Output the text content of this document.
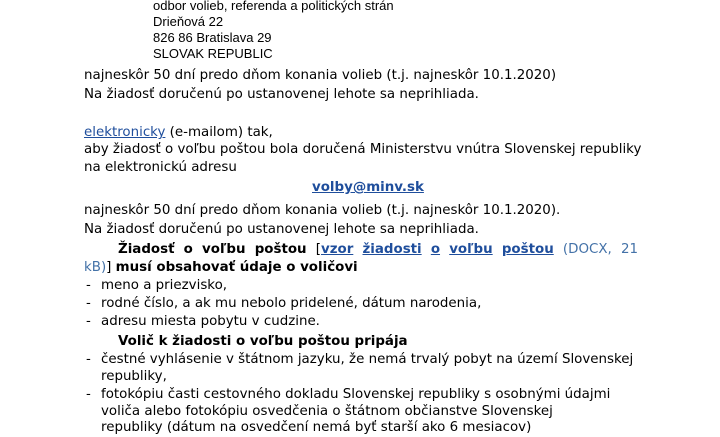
odbor volieb, referenda a politických strán
Drieňová 22
826 86 Bratislava 29
SLOVAK REPUBLIC
najneskôr 50 dní predo dňom konania volieb (t.j. najneskôr 10.1.2020)
Na žiadosť doručenú po ustanovenej lehote sa neprihliada.
elektronicky (e-mailom) tak,
aby žiadosť o voľbu poštou bola doručená Ministerstvu vnútra Slovenskej republiky
na elektronickú adresu
volby@minv.sk
najneskôr 50 dní predo dňom konania volieb (t.j. najneskôr 10.1.2020).
Na žiadosť doručenú po ustanovenej lehote sa neprihliada.
Žiadosť o voľbu poštou [vzor žiadosti o voľbu poštou (DOCX, 21
kB)] musí obsahovať údaje o voličovi
- meno a priezvisko,
- rodné číslo, a ak mu nebolo pridelené, dátum narodenia,
- adresu miesta pobytu v cudzine.
Volič k žiadosti o voľbu poštou pripája
- čestné vyhlásenie v štátnom jazyku, že nemá trvalý pobyt na území Slovenskej
republiky,
- fotokópiu časti cestovného dokladu Slovenskej republiky s osobnými údajmi
voliča alebo fotokópiu osvedčenia o štátnom občianstve Slovenskej
republiky (dátum na osvedčení nemá byť starší ako 6 mesiacov)
